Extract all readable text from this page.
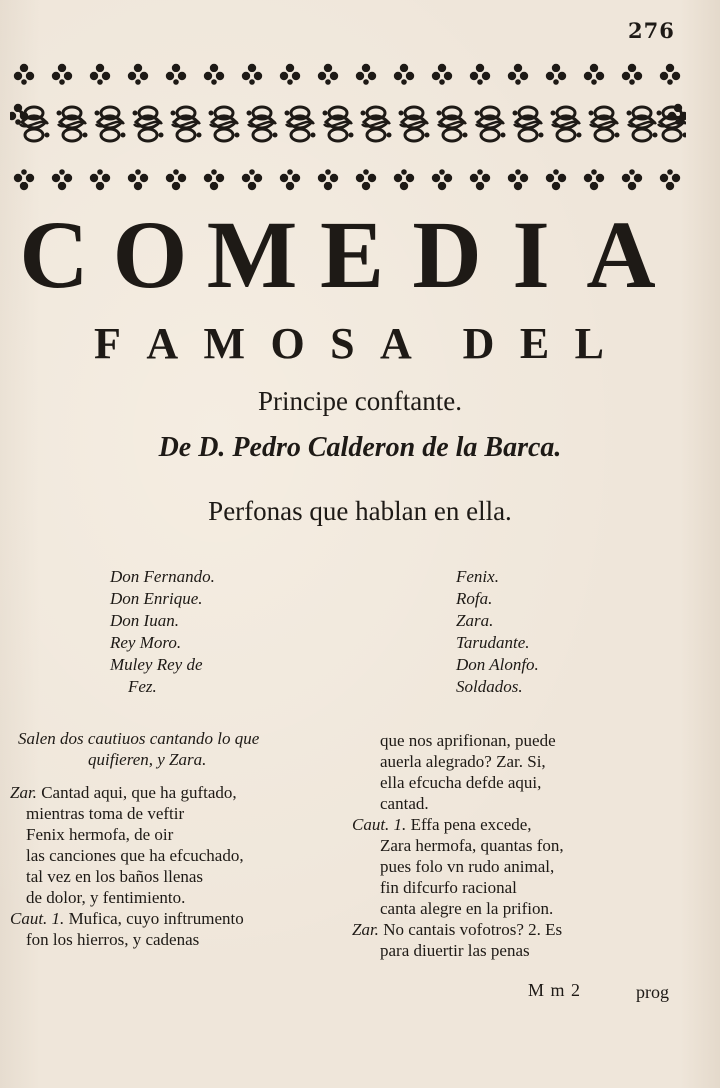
276
C O M E D I A
F A M O S A D E L
Principe conftante.
De D. Pedro Calderon de la Barca.
Perfonas que hablan en ella.
Don Fernando.
Don Enrique.
Don Iuan.
Rey Moro.
Muley Rey de
Fez.
Fenix.
Rofa.
Zara.
Tarudante.
Don Alonfo.
Soldados.
Salen dos cautiuos cantando lo que
quifieren, y Zara.
Zar. Cantad aqui, que ha guftado,
mientras toma de veftir
Fenix hermofa, de oir
las canciones que ha efcuchado,
tal vez en los baños llenas
de dolor, y fentimiento.
Caut. 1. Mufica, cuyo inftrumento
fon los hierros, y cadenas
que nos aprifionan, puede
auerla alegrado? Zar. Si,
ella efcucha defde aqui,
cantad.
Caut. 1. Effa pena excede,
Zara hermofa, quantas fon,
pues folo vn rudo animal,
fin difcurfo racional
canta alegre en la prifion.
Zar. No cantais vofotros? 2. Es
para diuertir las penas
M m 2	prog
